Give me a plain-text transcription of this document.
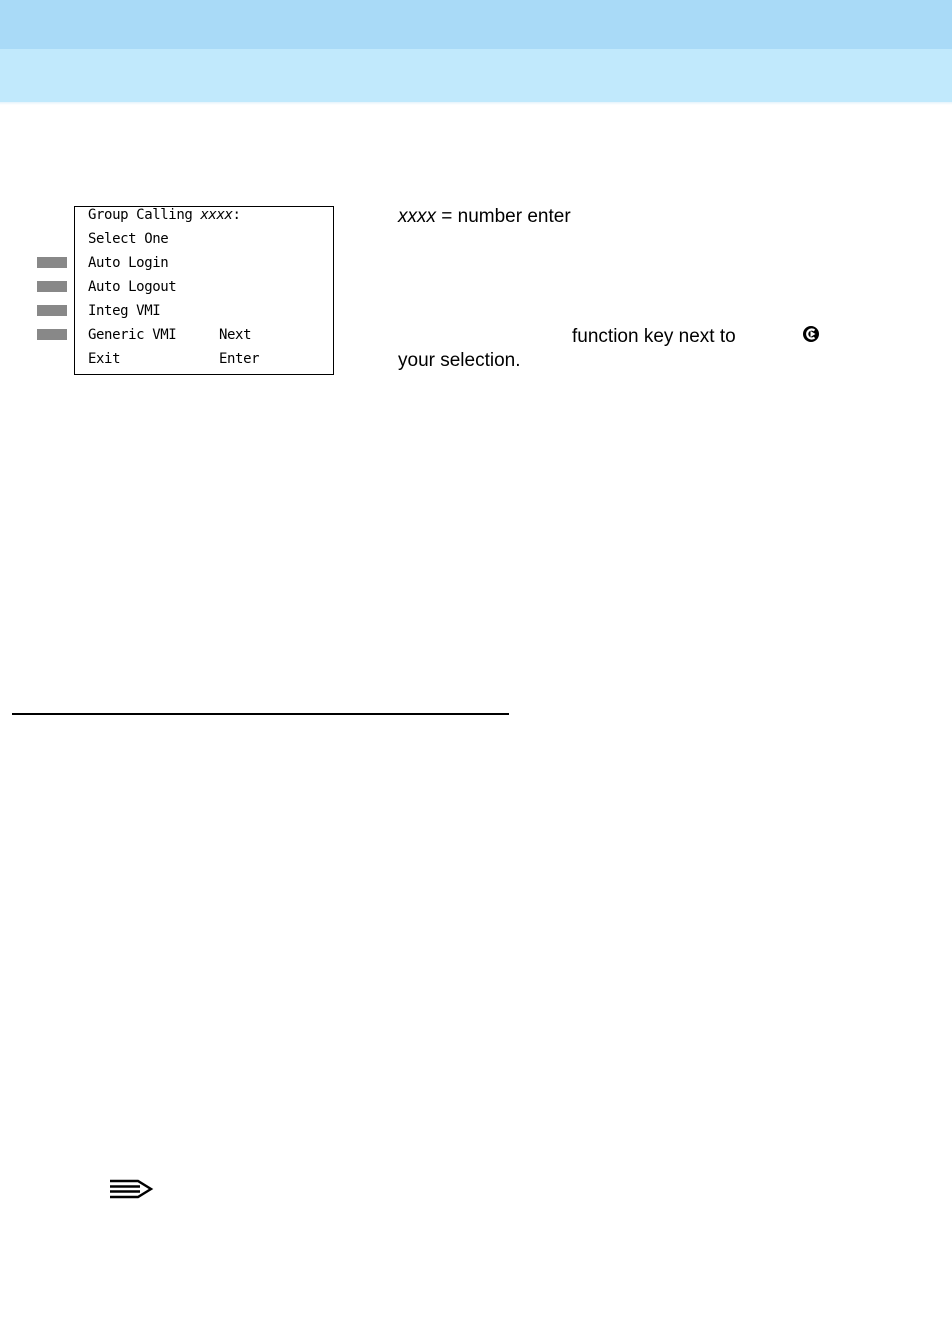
Group Calling xxxx:
Select One
Auto Login
Auto Logout
Integ VMI
Generic VMI	Next
Exit	Enter
xxxx = number enter
function key next to
your selection.
